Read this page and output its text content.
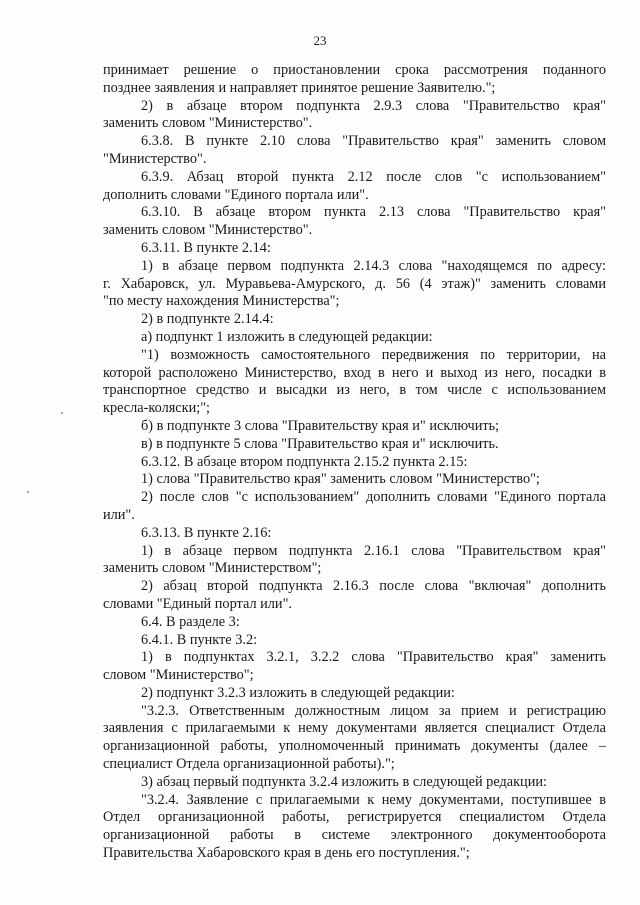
23
принимает решение о приостановлении срока рассмотрения поданного
позднее заявления и направляет принятое решение Заявителю.";
2) в абзаце втором подпункта 2.9.3 слова "Правительство края"
заменить словом "Министерство".
6.3.8. В пункте 2.10 слова "Правительство края" заменить словом
"Министерство".
6.3.9. Абзац второй пункта 2.12 после слов "с использованием"
дополнить словами "Единого портала или".
6.3.10. В абзаце втором пункта 2.13 слова "Правительство края"
заменить словом "Министерство".
6.3.11. В пункте 2.14:
1) в абзаце первом подпункта 2.14.3 слова "находящемся по адресу:
г. Хабаровск, ул. Муравьева-Амурского, д. 56 (4 этаж)" заменить словами
"по месту нахождения Министерства";
2) в подпункте 2.14.4:
а) подпункт 1 изложить в следующей редакции:
"1) возможность самостоятельного передвижения по территории, на
которой расположено Министерство, вход в него и выход из него, посадки в
транспортное средство и высадки из него, в том числе с использованием
кресла-коляски;";
б) в подпункте 3 слова "Правительству края и" исключить;
в) в подпункте 5 слова "Правительство края и" исключить.
6.3.12. В абзаце втором подпункта 2.15.2 пункта 2.15:
1) слова "Правительство края" заменить словом "Министерство";
2) после слов "с использованием" дополнить словами "Единого портала
или".
6.3.13. В пункте 2.16:
1) в абзаце первом подпункта 2.16.1 слова "Правительством края"
заменить словом "Министерством";
2) абзац второй подпункта 2.16.3 после слова "включая" дополнить
словами "Единый портал или".
6.4. В разделе 3:
6.4.1. В пункте 3.2:
1) в подпунктах 3.2.1, 3.2.2 слова "Правительство края" заменить
словом "Министерство";
2) подпункт 3.2.3 изложить в следующей редакции:
"3.2.3. Ответственным должностным лицом за прием и регистрацию
заявления с прилагаемыми к нему документами является специалист Отдела
организационной работы, уполномоченный принимать документы (далее –
специалист Отдела организационной работы).";
3) абзац первый подпункта 3.2.4 изложить в следующей редакции:
"3.2.4. Заявление с прилагаемыми к нему документами, поступившее в
Отдел организационной работы, регистрируется специалистом Отдела
организационной работы в системе электронного документооборота
Правительства Хабаровского края в день его поступления.";
